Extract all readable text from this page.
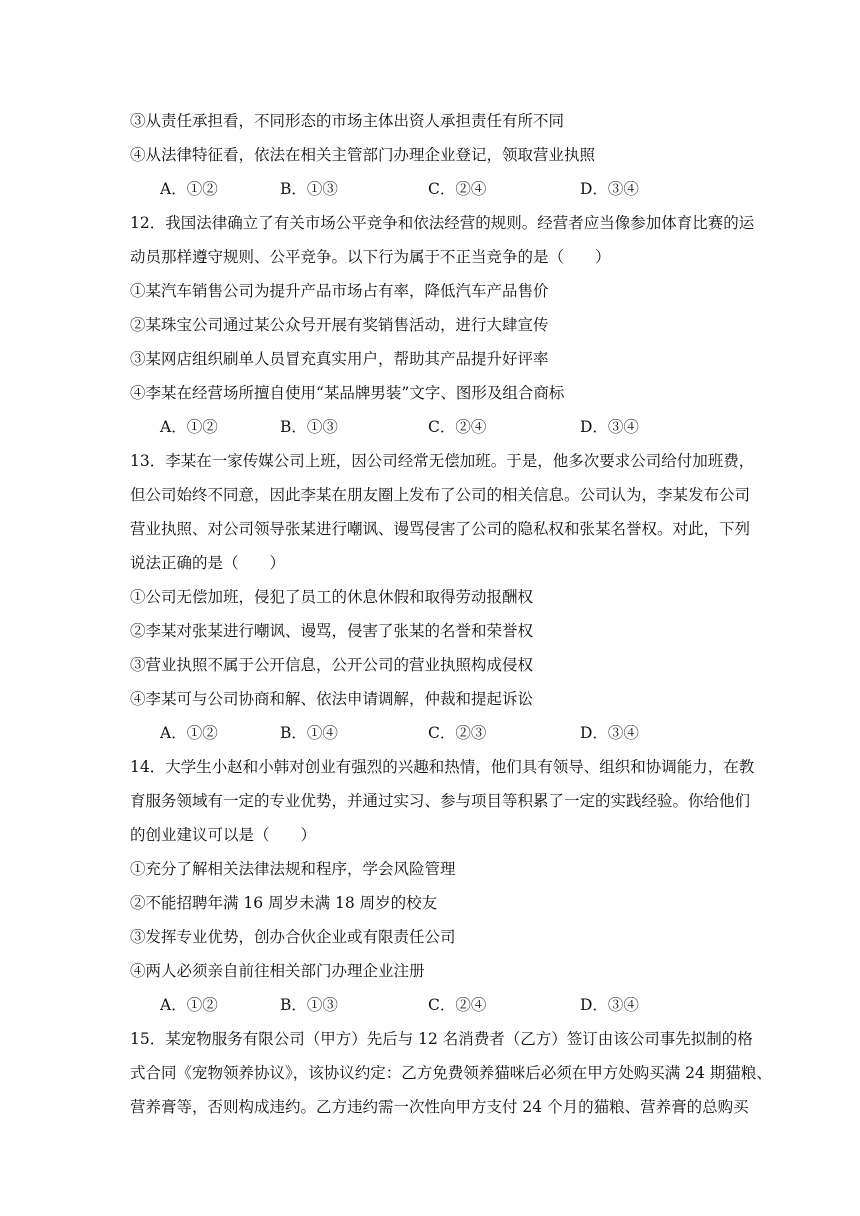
③从责任承担看，不同形态的市场主体出资人承担责任有所不同
④从法律特征看，依法在相关主管部门办理企业登记，领取营业执照
A．①②	B．①③	C．②④	D．③④
12．我国法律确立了有关市场公平竞争和依法经营的规则。经营者应当像参加体育比赛的运
动员那样遵守规则、公平竞争。以下行为属于不正当竞争的是（　　）
①某汽车销售公司为提升产品市场占有率，降低汽车产品售价
②某珠宝公司通过某公众号开展有奖销售活动，进行大肆宣传
③某网店组织刷单人员冒充真实用户，帮助其产品提升好评率
④李某在经营场所擅自使用“某品牌男装”文字、图形及组合商标
A．①②	B．①③	C．②④	D．③④
13．李某在一家传媒公司上班，因公司经常无偿加班。于是，他多次要求公司给付加班费，
但公司始终不同意，因此李某在朋友圈上发布了公司的相关信息。公司认为，李某发布公司
营业执照、对公司领导张某进行嘲讽、谩骂侵害了公司的隐私权和张某名誉权。对此，下列
说法正确的是（　　）
①公司无偿加班，侵犯了员工的休息休假和取得劳动报酬权
②李某对张某进行嘲讽、谩骂，侵害了张某的名誉和荣誉权
③营业执照不属于公开信息，公开公司的营业执照构成侵权
④李某可与公司协商和解、依法申请调解，仲裁和提起诉讼
A．①②	B．①④	C．②③	D．③④
14．大学生小赵和小韩对创业有强烈的兴趣和热情，他们具有领导、组织和协调能力，在教
育服务领域有一定的专业优势，并通过实习、参与项目等积累了一定的实践经验。你给他们
的创业建议可以是（　　）
①充分了解相关法律法规和程序，学会风险管理
②不能招聘年满 16 周岁未满 18 周岁的校友
③发挥专业优势，创办合伙企业或有限责任公司
④两人必须亲自前往相关部门办理企业注册
A．①②	B．①③	C．②④	D．③④
15．某宠物服务有限公司（甲方）先后与 12 名消费者（乙方）签订由该公司事先拟制的格
式合同《宠物领养协议》，该协议约定：乙方免费领养猫咪后必须在甲方处购买满 24 期猫粮、
营养膏等，否则构成违约。乙方违约需一次性向甲方支付 24 个月的猫粮、营养膏的总购买
